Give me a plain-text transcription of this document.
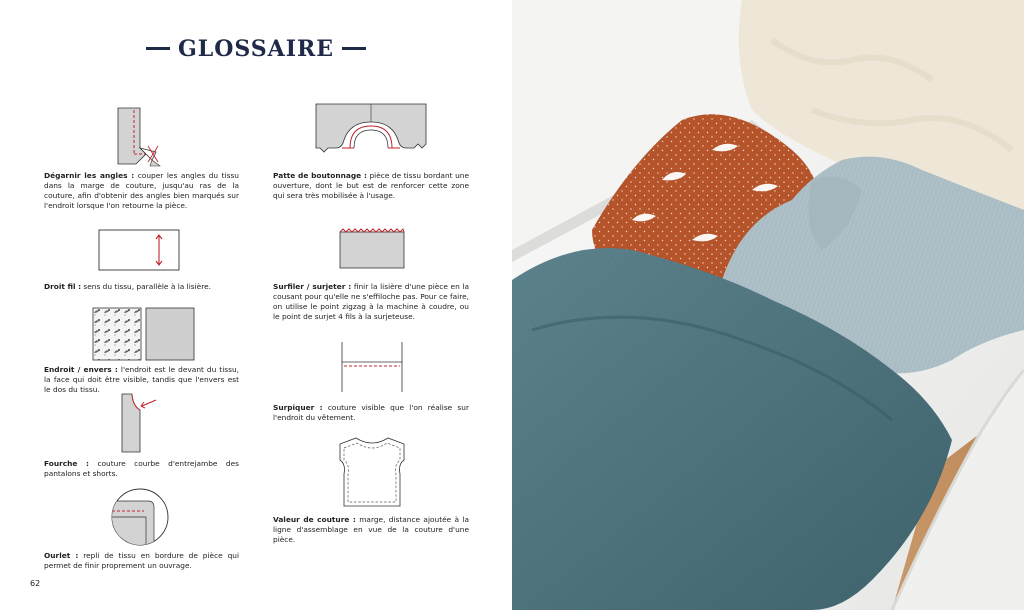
GLOSSAIRE
Dégarnir les angles : couper les angles du tissu dans la marge de couture, jusqu'au ras de la couture, afin d'obtenir des angles bien marqués sur l'endroit lorsque l'on retourne la pièce.
Droit fil : sens du tissu, parallèle à la lisière.
Endroit / envers : l'endroit est le devant du tissu, la face qui doit être visible, tandis que l'envers est le dos du tissu.
Fourche : couture courbe d'entrejambe des pantalons et shorts.
Ourlet : repli de tissu en bordure de pièce qui permet de finir proprement un ouvrage.
Patte de boutonnage : pièce de tissu bordant une ouverture, dont le but est de renforcer cette zone qui sera très mobilisée à l'usage.
Surfiler / surjeter : finir la lisière d'une pièce en la cousant pour qu'elle ne s'effiloche pas. Pour ce faire, on utilise le point zigzag à la machine à coudre, ou le point de surjet 4 fils à la surjeteuse.
Surpiquer : couture visible que l'on réalise sur l'endroit du vêtement.
Valeur de couture : marge, distance ajoutée à la ligne d'assemblage en vue de la couture d'une pièce.
62
